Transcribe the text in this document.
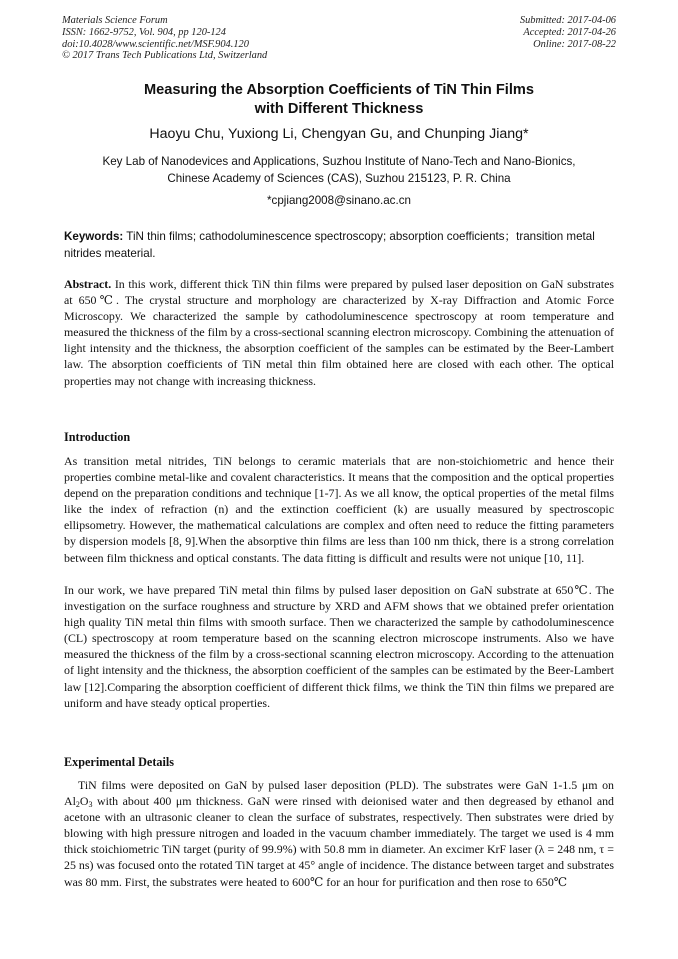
Materials Science Forum
ISSN: 1662-9752, Vol. 904, pp 120-124
doi:10.4028/www.scientific.net/MSF.904.120
© 2017 Trans Tech Publications Ltd, Switzerland
Submitted: 2017-04-06
Accepted: 2017-04-26
Online: 2017-08-22
Measuring the Absorption Coefficients of TiN Thin Films
with Different Thickness
Haoyu Chu, Yuxiong Li, Chengyan Gu, and Chunping Jiang*
Key Lab of Nanodevices and Applications, Suzhou Institute of Nano-Tech and Nano-Bionics,
Chinese Academy of Sciences (CAS), Suzhou 215123, P. R. China
*cpjiang2008@sinano.ac.cn
Keywords: TiN thin films; cathodoluminescence spectroscopy; absorption coefficients；transition metal nitrides meaterial.
Abstract. In this work, different thick TiN thin films were prepared by pulsed laser deposition on GaN substrates at 650℃. The crystal structure and morphology are characterized by X-ray Diffraction and Atomic Force Microscopy. We characterized the sample by cathodoluminescence spectroscopy at room temperature and measured the thickness of the film by a cross-sectional scanning electron microscopy. Combining the attenuation of light intensity and the thickness, the absorption coefficient of the samples can be estimated by the Beer-Lambert law. The absorption coefficients of TiN metal thin film obtained here are closed with each other. The optical properties may not change with increasing thickness.
Introduction
As transition metal nitrides, TiN belongs to ceramic materials that are non-stoichiometric and hence their properties combine metal-like and covalent characteristics. It means that the composition and the optical properties depend on the preparation conditions and technique [1-7]. As we all know, the optical properties of the metal films like the index of refraction (n) and the extinction coefficient (k) are usually measured by spectroscopic ellipsometry. However, the mathematical calculations are complex and often need to reduce the fitting parameters by dispersion models [8, 9].When the absorptive thin films are less than 100 nm thick, there is a strong correlation between film thickness and optical constants. The data fitting is difficult and results were not unique [10, 11].
In our work, we have prepared TiN metal thin films by pulsed laser deposition on GaN substrate at 650℃. The investigation on the surface roughness and structure by XRD and AFM shows that we obtained prefer orientation high quality TiN metal thin films with smooth surface. Then we characterized the sample by cathodoluminescence (CL) spectroscopy at room temperature based on the scanning electron microscope instruments. Also we have measured the thickness of the film by a cross-sectional scanning electron microscopy. According to the attenuation of light intensity and the thickness, the absorption coefficient of the samples can be estimated by the Beer-Lambert law [12].Comparing the absorption coefficient of different thick films, we think the TiN thin films we prepared are uniform and have steady optical properties.
Experimental Details
TiN films were deposited on GaN by pulsed laser deposition (PLD). The substrates were GaN 1-1.5 μm on $Al_2O_3$ with about 400 μm thickness. GaN were rinsed with deionised water and then degreased by ethanol and acetone with an ultrasonic cleaner to clean the surface of substrates, respectively. Then substrates were dried by blowing with high pressure nitrogen and loaded in the vacuum chamber immediately. The target we used is 4 mm thick stoichiometric TiN target (purity of 99.9%) with 50.8 mm in diameter. An excimer KrF laser (λ = 248 nm, τ = 25 ns) was focused onto the rotated TiN target at 45° angle of incidence. The distance between target and substrates was 80 mm. First, the substrates were heated to 600℃ for an hour for purification and then rose to 650℃
